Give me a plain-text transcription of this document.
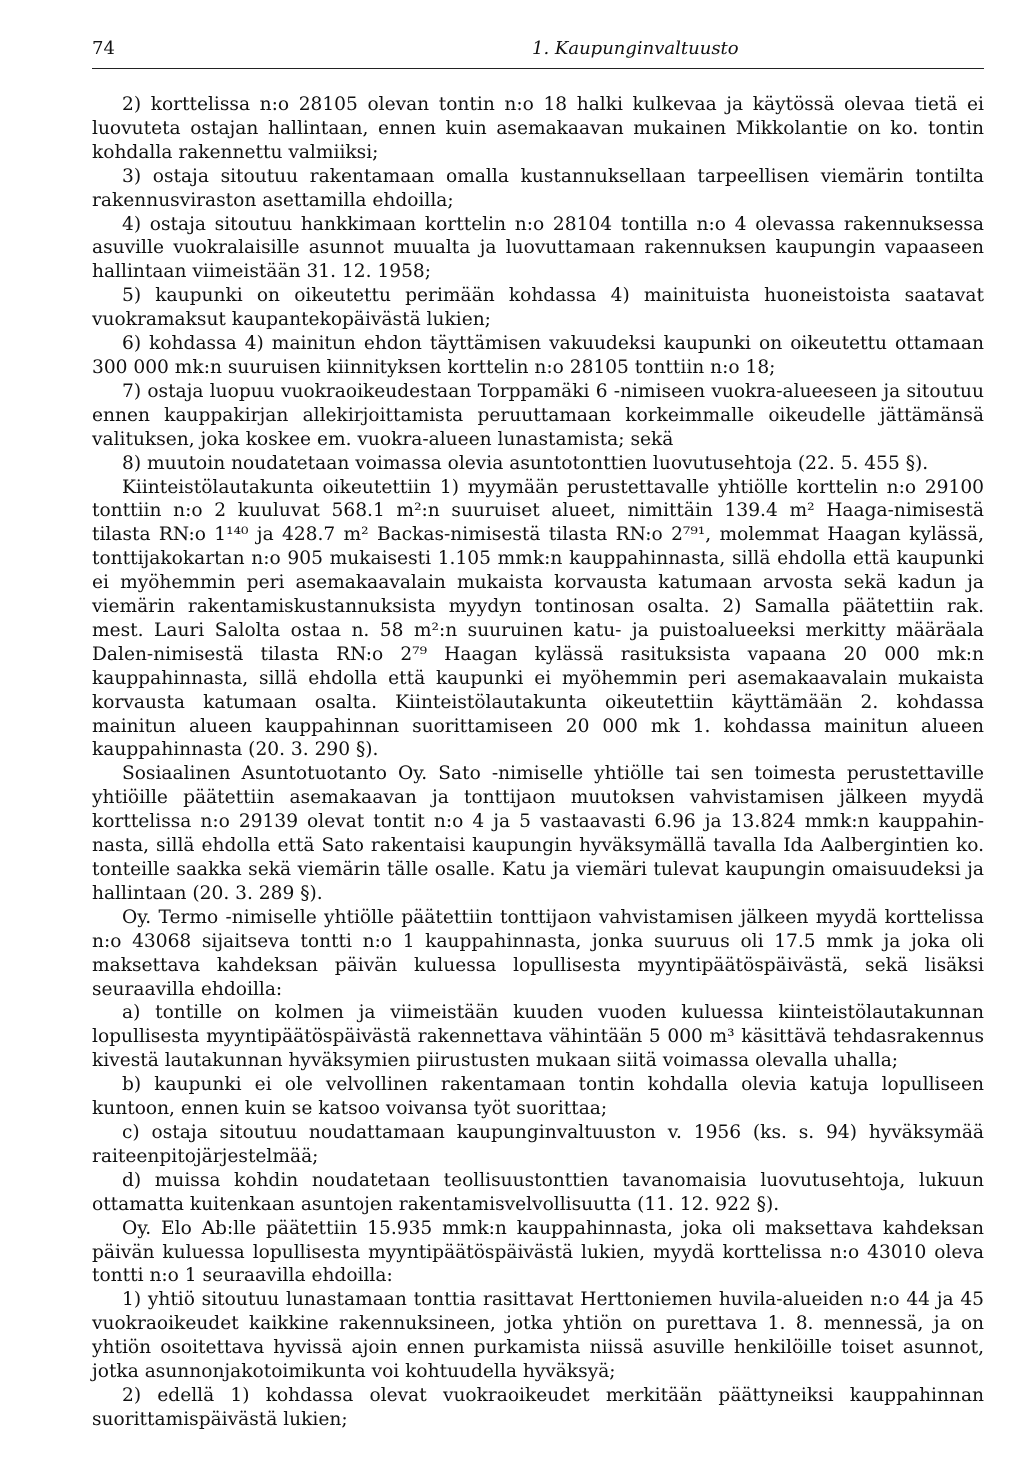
74	1. Kaupunginvaltuusto

2) korttelissa n:o 28105 olevan tontin n:o 18 halki kulkevaa ja käytössä olevaa tietä ei luovuteta ostajan hallintaan, ennen kuin asemakaavan mukainen Mikkolantie on ko. tontin kohdalla rakennettu valmiiksi;

3) ostaja sitoutuu rakentamaan omalla kustannuksellaan tarpeellisen viemärin tontilta rakennusviraston asettamilla ehdoilla;

4) ostaja sitoutuu hankkimaan korttelin n:o 28104 tontilla n:o 4 olevassa rakennuksessa asuville vuokralaisille asunnot muualta ja luovuttamaan rakennuksen kaupungin vapaaseen hallintaan viimeistään 31. 12. 1958;

5) kaupunki on oikeutettu perimään kohdassa 4) mainituista huoneistoista saatavat vuokramaksut kaupantekopäivästä lukien;

6) kohdassa 4) mainitun ehdon täyttämisen vakuudeksi kaupunki on oikeutettu ottamaan 300 000 mk:n suuruisen kiinnityksen korttelin n:o 28105 tonttiin n:o 18;

7) ostaja luopuu vuokraoikeudestaan Torppamäki 6 -nimiseen vuokra-alueeseen ja sitoutuu ennen kauppakirjan allekirjoittamista peruuttamaan korkeimmalle oikeudelle jättämänsä valituksen, joka koskee em. vuokra-alueen lunastamista; sekä

8) muutoin noudatetaan voimassa olevia asuntotonttien luovutusehtoja (22. 5. 455 §).

Kiinteistölautakunta oikeutettiin 1) myymään perustettavalle yhtiölle korttelin n:o 29100 tonttiin n:o 2 kuuluvat 568.1 m²:n suuruiset alueet, nimittäin 139.4 m² Haaga-nimisestä tilasta RN:o 1¹⁴⁰ ja 428.7 m² Backas-nimisestä tilasta RN:o 2⁷⁹¹, molemmat Haagan kylässä, tonttijakokartan n:o 905 mukaisesti 1.105 mmk:n kauppahinnasta, sillä ehdolla että kaupunki ei myöhemmin peri asemakaavalain mukaista korvausta katumaan arvosta sekä kadun ja viemärin rakentamiskustannuksista myydyn tontinosan osalta. 2) Samalla päätettiin rak. mest. Lauri Salolta ostaa n. 58 m²:n suuruinen katu- ja puistoalueeksi merkitty määräala Dalen-nimisestä tilasta RN:o 2⁷⁹ Haagan kylässä rasituksista vapaana 20 000 mk:n kauppahinnasta, sillä ehdolla että kaupunki ei myöhemmin peri asemakaavalain mukaista korvausta katumaan osalta. Kiinteistölautakunta oikeutettiin käyttämään 2. kohdassa mainitun alueen kauppahinnan suorittamiseen 20 000 mk 1. kohdassa mainitun alueen kauppahinnasta (20. 3. 290 §).

Sosiaalinen Asuntotuotanto Oy. Sato -nimiselle yhtiölle tai sen toimesta perustettaville yhtiöille päätettiin asemakaavan ja tonttijaon muutoksen vahvistamisen jälkeen myydä korttelissa n:o 29139 olevat tontit n:o 4 ja 5 vastaavasti 6.96 ja 13.824 mmk:n kauppahinnasta, sillä ehdolla että Sato rakentaisi kaupungin hyväksymällä tavalla Ida Aalbergintien ko. tonteille saakka sekä viemärin tälle osalle. Katu ja viemäri tulevat kaupungin omaisuudeksi ja hallintaan (20. 3. 289 §).

Oy. Termo -nimiselle yhtiölle päätettiin tonttijaon vahvistamisen jälkeen myydä korttelissa n:o 43068 sijaitseva tontti n:o 1 kauppahinnasta, jonka suuruus oli 17.5 mmk ja joka oli maksettava kahdeksan päivän kuluessa lopullisesta myyntipäätöspäivästä, sekä lisäksi seuraavilla ehdoilla:

a) tontille on kolmen ja viimeistään kuuden vuoden kuluessa kiinteistölautakunnan lopullisesta myyntipäätöspäivästä rakennettava vähintään 5 000 m³ käsittävä tehdasrakennus kivestä lautakunnan hyväksymien piirustusten mukaan siitä voimassa olevalla uhalla;

b) kaupunki ei ole velvollinen rakentamaan tontin kohdalla olevia katuja lopulliseen kuntoon, ennen kuin se katsoo voivansa työt suorittaa;

c) ostaja sitoutuu noudattamaan kaupunginvaltuuston v. 1956 (ks. s. 94) hyväksymää raiteenpitojärjestelmää;

d) muissa kohdin noudatetaan teollisuustonttien tavanomaisia luovutusehtoja, lukuun ottamatta kuitenkaan asuntojen rakentamisvelvollisuutta (11. 12. 922 §).

Oy. Elo Ab:lle päätettiin 15.935 mmk:n kauppahinnasta, joka oli maksettava kahdeksan päivän kuluessa lopullisesta myyntipäätöspäivästä lukien, myydä korttelissa n:o 43010 oleva tontti n:o 1 seuraavilla ehdoilla:

1) yhtiö sitoutuu lunastamaan tonttia rasittavat Herttoniemen huvila-alueiden n:o 44 ja 45 vuokraoikeudet kaikkine rakennuksineen, jotka yhtiön on purettava 1. 8. mennessä, ja on yhtiön osoitettava hyvissä ajoin ennen purkamista niissä asuville henkilöille toiset asunnot, jotka asunnonjakotoimikunta voi kohtuudella hyväksyä;

2) edellä 1) kohdassa olevat vuokraoikeudet merkitään päättyneiksi kauppahinnan suorittamispäivästä lukien;
